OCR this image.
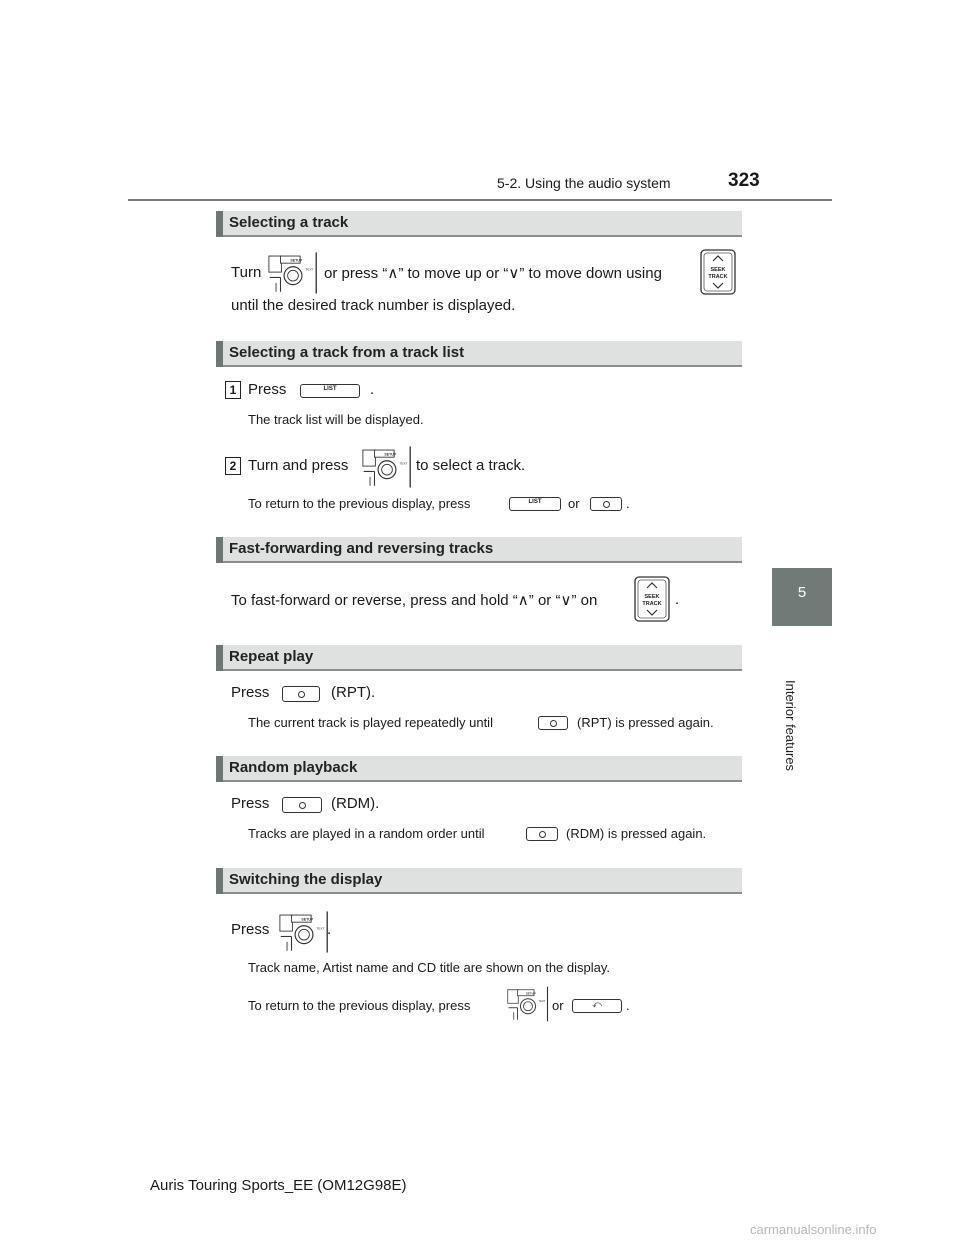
5-2. Using the audio system	323
5
Interior features
Selecting a track
Turn	or press “∧” to move up or “∨” to move down using
until the desired track number is displayed.
Selecting a track from a track list
1 Press	LIST	.
The track list will be displayed.
2 Turn and press	to select a track.
To return to the previous display, press	LIST	or	.
Fast-forwarding and reversing tracks
To fast-forward or reverse, press and hold “∧” or “∨” on	.
Repeat play
Press	(RPT).
The current track is played repeatedly until	(RPT) is pressed again.
Random playback
Press	(RDM).
Tracks are played in a random order until	(RDM) is pressed again.
Switching the display
Press	.
Track name, Artist name and CD title are shown on the display.
To return to the previous display, press	or	⤺	.
Auris Touring Sports_EE (OM12G98E)
carmanualsonline.info
